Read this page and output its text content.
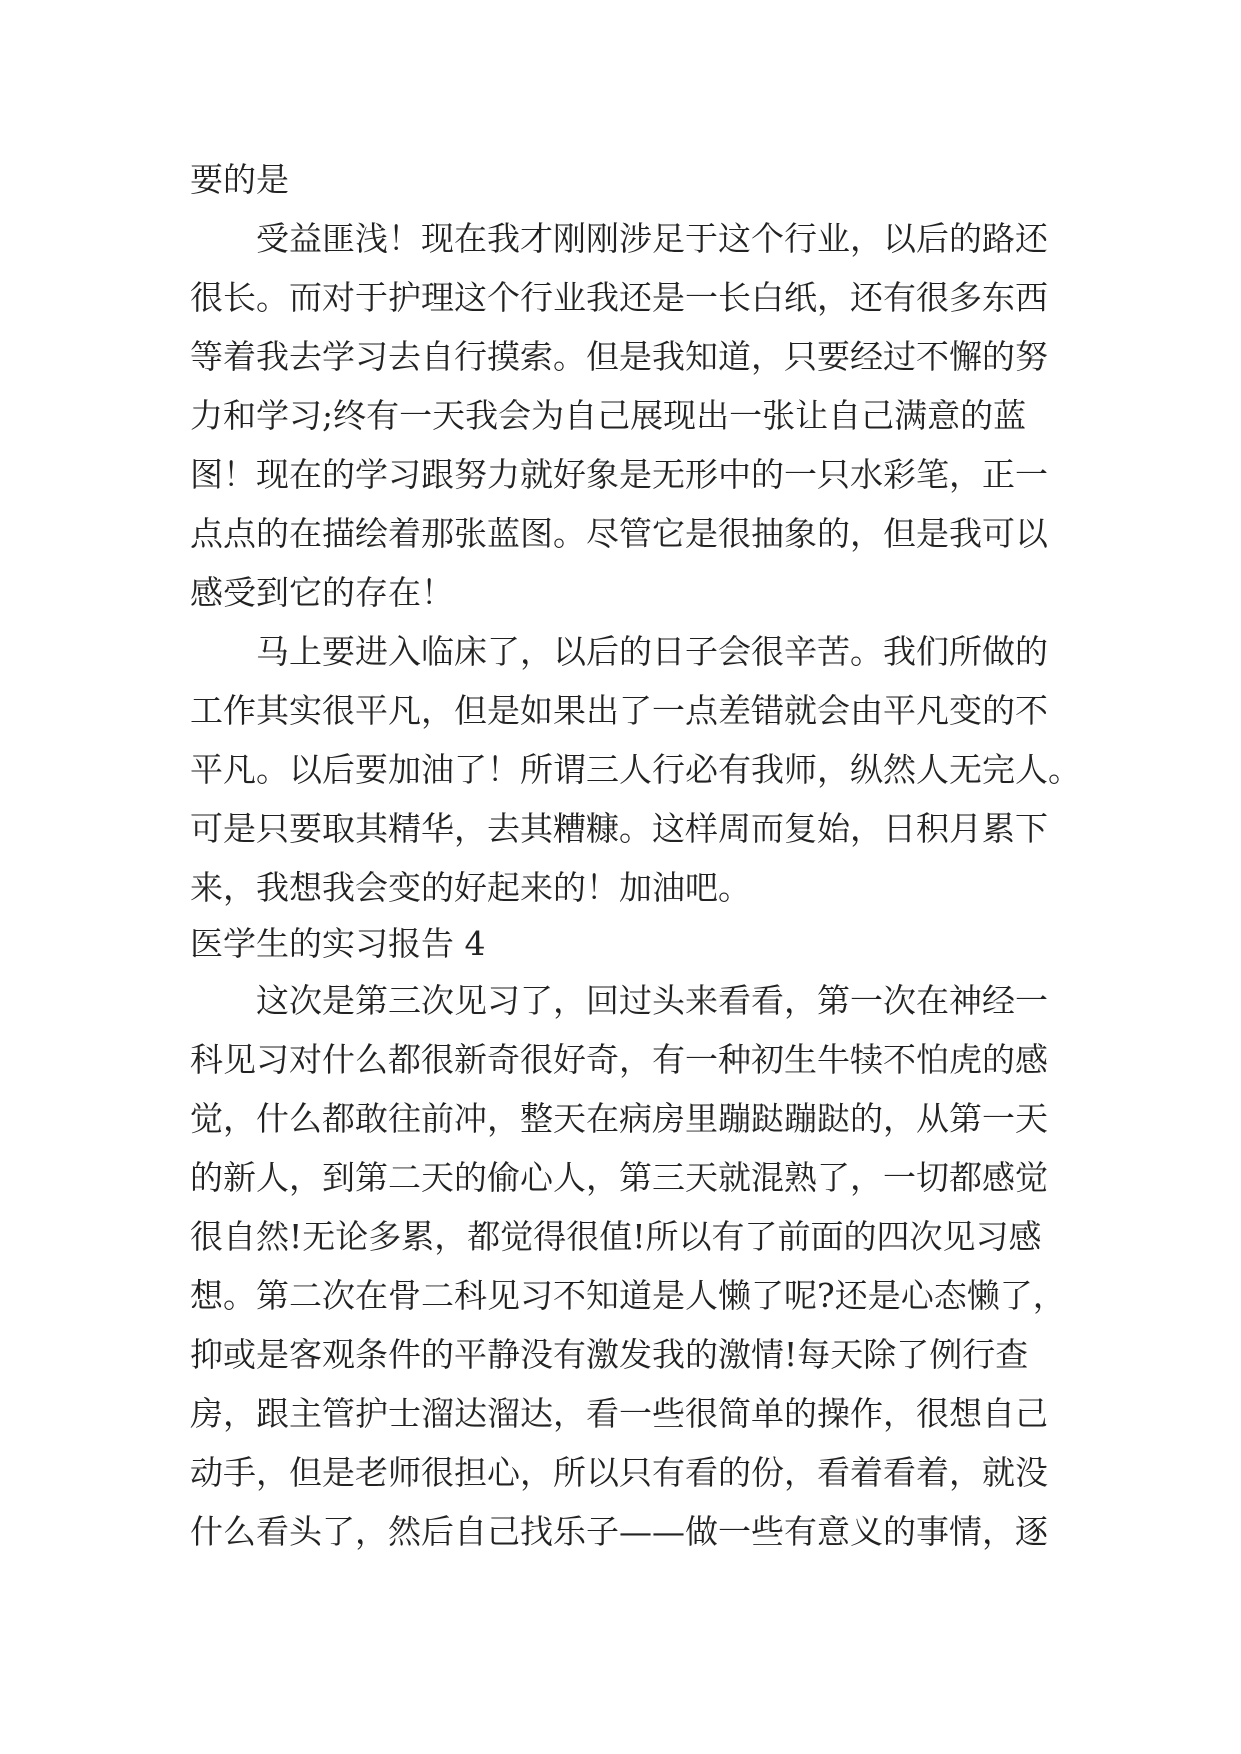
要的是
受益匪浅！现在我才刚刚涉足于这个行业，以后的路还
很长。而对于护理这个行业我还是一长白纸，还有很多东西
等着我去学习去自行摸索。但是我知道，只要经过不懈的努
力和学习;终有一天我会为自己展现出一张让自己满意的蓝
图！现在的学习跟努力就好象是无形中的一只水彩笔，正一
点点的在描绘着那张蓝图。尽管它是很抽象的，但是我可以
感受到它的存在！
马上要进入临床了，以后的日子会很辛苦。我们所做的
工作其实很平凡，但是如果出了一点差错就会由平凡变的不
平凡。以后要加油了！所谓三人行必有我师，纵然人无完人。
可是只要取其精华，去其糟糠。这样周而复始，日积月累下
来，我想我会变的好起来的！加油吧。
医学生的实习报告 4
这次是第三次见习了，回过头来看看，第一次在神经一
科见习对什么都很新奇很好奇，有一种初生牛犊不怕虎的感
觉，什么都敢往前冲，整天在病房里蹦跶蹦跶的，从第一天
的新人，到第二天的偷心人，第三天就混熟了，一切都感觉
很自然!无论多累，都觉得很值!所以有了前面的四次见习感
想。第二次在骨二科见习不知道是人懒了呢?还是心态懒了，
抑或是客观条件的平静没有激发我的激情!每天除了例行查
房，跟主管护士溜达溜达，看一些很简单的操作，很想自己
动手，但是老师很担心，所以只有看的份，看着看着，就没
什么看头了，然后自己找乐子——做一些有意义的事情，逐
